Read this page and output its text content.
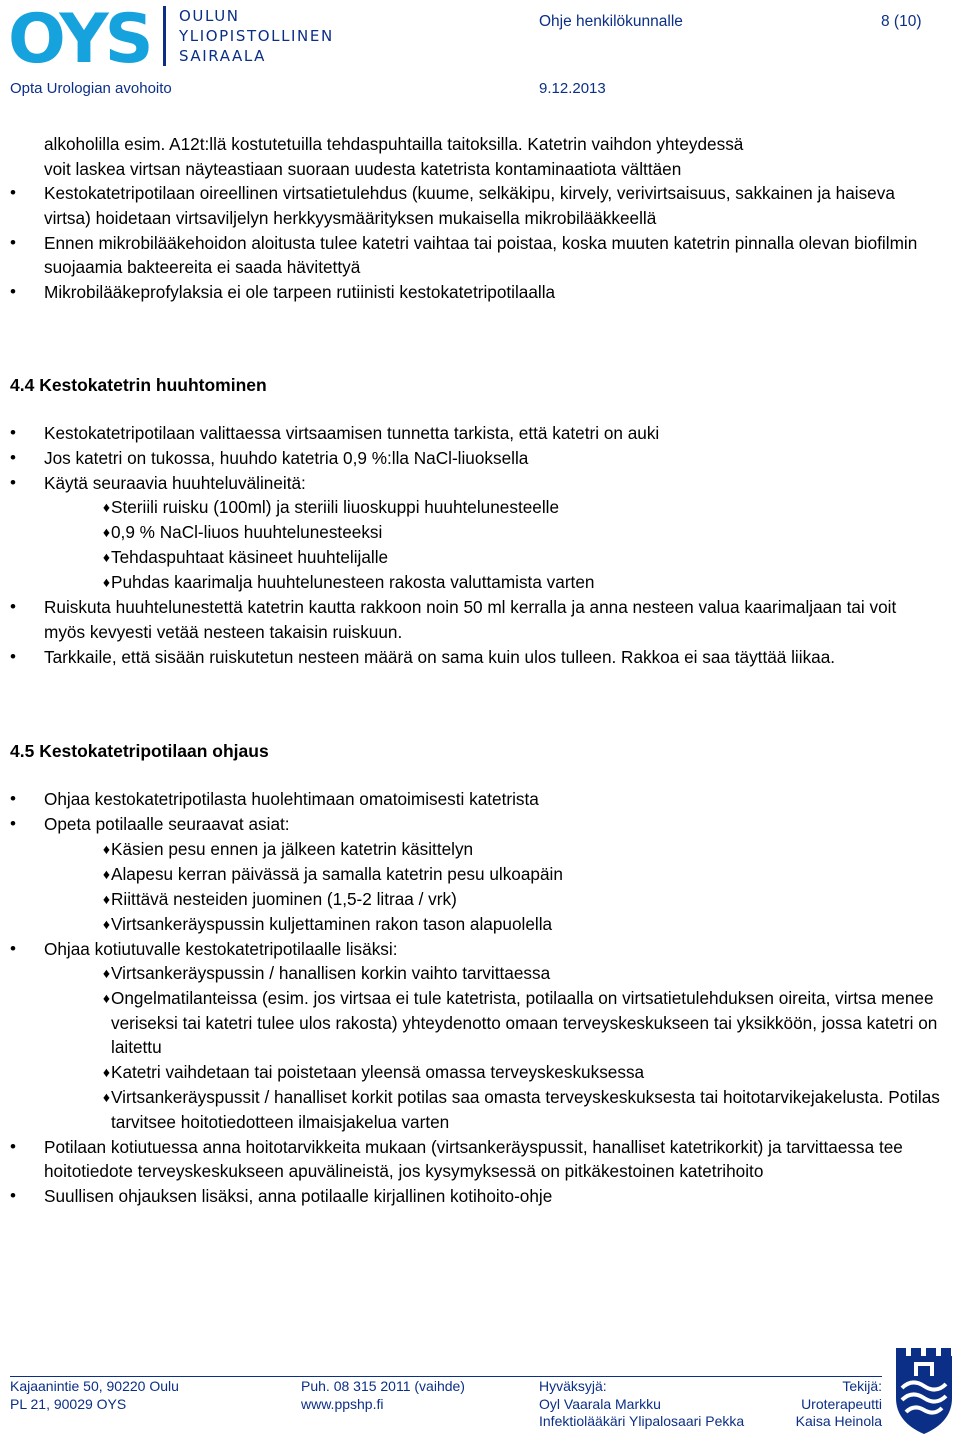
OYS OULUN
YLIOPISTOLLINEN
SAIRAALA
Ohje henkilökunnalle	8 (10)
Opta Urologian avohoito	9.12.2013

alkoholilla esim. A12t:llä kostutetuilla tehdaspuhtailla taitoksilla. Katetrin vaihdon yhteydessä
voit laskea virtsan näyteastiaan suoraan uudesta katetrista kontaminaatiota välttäen

• Kestokatetripotilaan oireellinen virtsatietulehdus (kuume, selkäkipu, kirvely, verivirtsaisuus, sakkainen ja haiseva virtsa) hoidetaan virtsaviljelyn herkkyysmäärityksen mukaisella mikrobilääkkeellä
• Ennen mikrobilääkehoidon aloitusta tulee katetri vaihtaa tai poistaa, koska muuten katetrin pinnalla olevan biofilmin suojaamia bakteereita ei saada hävitettyä
• Mikrobilääkeprofylaksia ei ole tarpeen rutiinisti kestokatetripotilaalla
4.4 Kestokatetrin huuhtominen
• Kestokatetripotilaan valittaessa virtsaamisen tunnetta tarkista, että katetri on auki
• Jos katetri on tukossa, huuhdo katetria 0,9 %:lla NaCl-liuoksella
• Käytä seuraavia huuhteluvälineitä:
♦ Steriili ruisku (100ml) ja steriili liuoskuppi huuhtelunesteelle
♦ 0,9 % NaCl-liuos huuhtelunesteeksi
♦ Tehdaspuhtaat käsineet huuhtelijalle
♦ Puhdas kaarimalja huuhtelunesteen rakosta valuttamista varten
• Ruiskuta huuhtelunestettä katetrin kautta rakkoon noin 50 ml kerralla ja anna nesteen valua kaarimaljaan tai voit myös kevyesti vetää nesteen takaisin ruiskuun.
• Tarkkaile, että sisään ruiskutetun nesteen määrä on sama kuin ulos tulleen. Rakkoa ei saa täyttää liikaa.
4.5 Kestokatetripotilaan ohjaus
• Ohjaa kestokatetripotilasta huolehtimaan omatoimisesti katetrista
• Opeta potilaalle seuraavat asiat:
♦ Käsien pesu ennen ja jälkeen katetrin käsittelyn
♦ Alapesu kerran päivässä ja samalla katetrin pesu ulkoapäin
♦ Riittävä nesteiden juominen (1,5-2 litraa / vrk)
♦ Virtsankeräyspussin kuljettaminen rakon tason alapuolella
• Ohjaa kotiutuvalle kestokatetripotilaalle lisäksi:
♦ Virtsankeräyspussin / hanallisen korkin vaihto tarvittaessa
♦ Ongelmatilanteissa (esim. jos virtsaa ei tule katetrista, potilaalla on virtsatietulehduksen oireita, virtsa menee veriseksi tai katetri tulee ulos rakosta) yhteydenotto omaan terveyskeskukseen tai yksikköön, jossa katetri on laitettu
♦ Katetri vaihdetaan tai poistetaan yleensä omassa terveyskeskuksessa
♦ Virtsankeräyspussit / hanalliset korkit potilas saa omasta terveyskeskuksesta tai hoitotarvikejakelusta. Potilas tarvitsee hoitotiedotteen ilmaisjakelua varten
• Potilaan kotiutuessa anna hoitotarvikkeita mukaan (virtsankeräyspussit, hanalliset katetrikorkit) ja tarvittaessa tee hoitotiedote terveyskeskukseen apuvälineistä, jos kysymyksessä on pitkäkestoinen katetrihoito
• Suullisen ohjauksen lisäksi, anna potilaalle kirjallinen kotihoito-ohje
Kajaanintie 50, 90220 Oulu
PL 21, 90029 OYS
Puh. 08 315 2011 (vaihde)
www.ppshp.fi
Hyväksyjä:
Oyl Vaarala Markku
Infektiolääkäri Ylipalosaari Pekka
Tekijä:
Uroterapeutti
Kaisa Heinola
